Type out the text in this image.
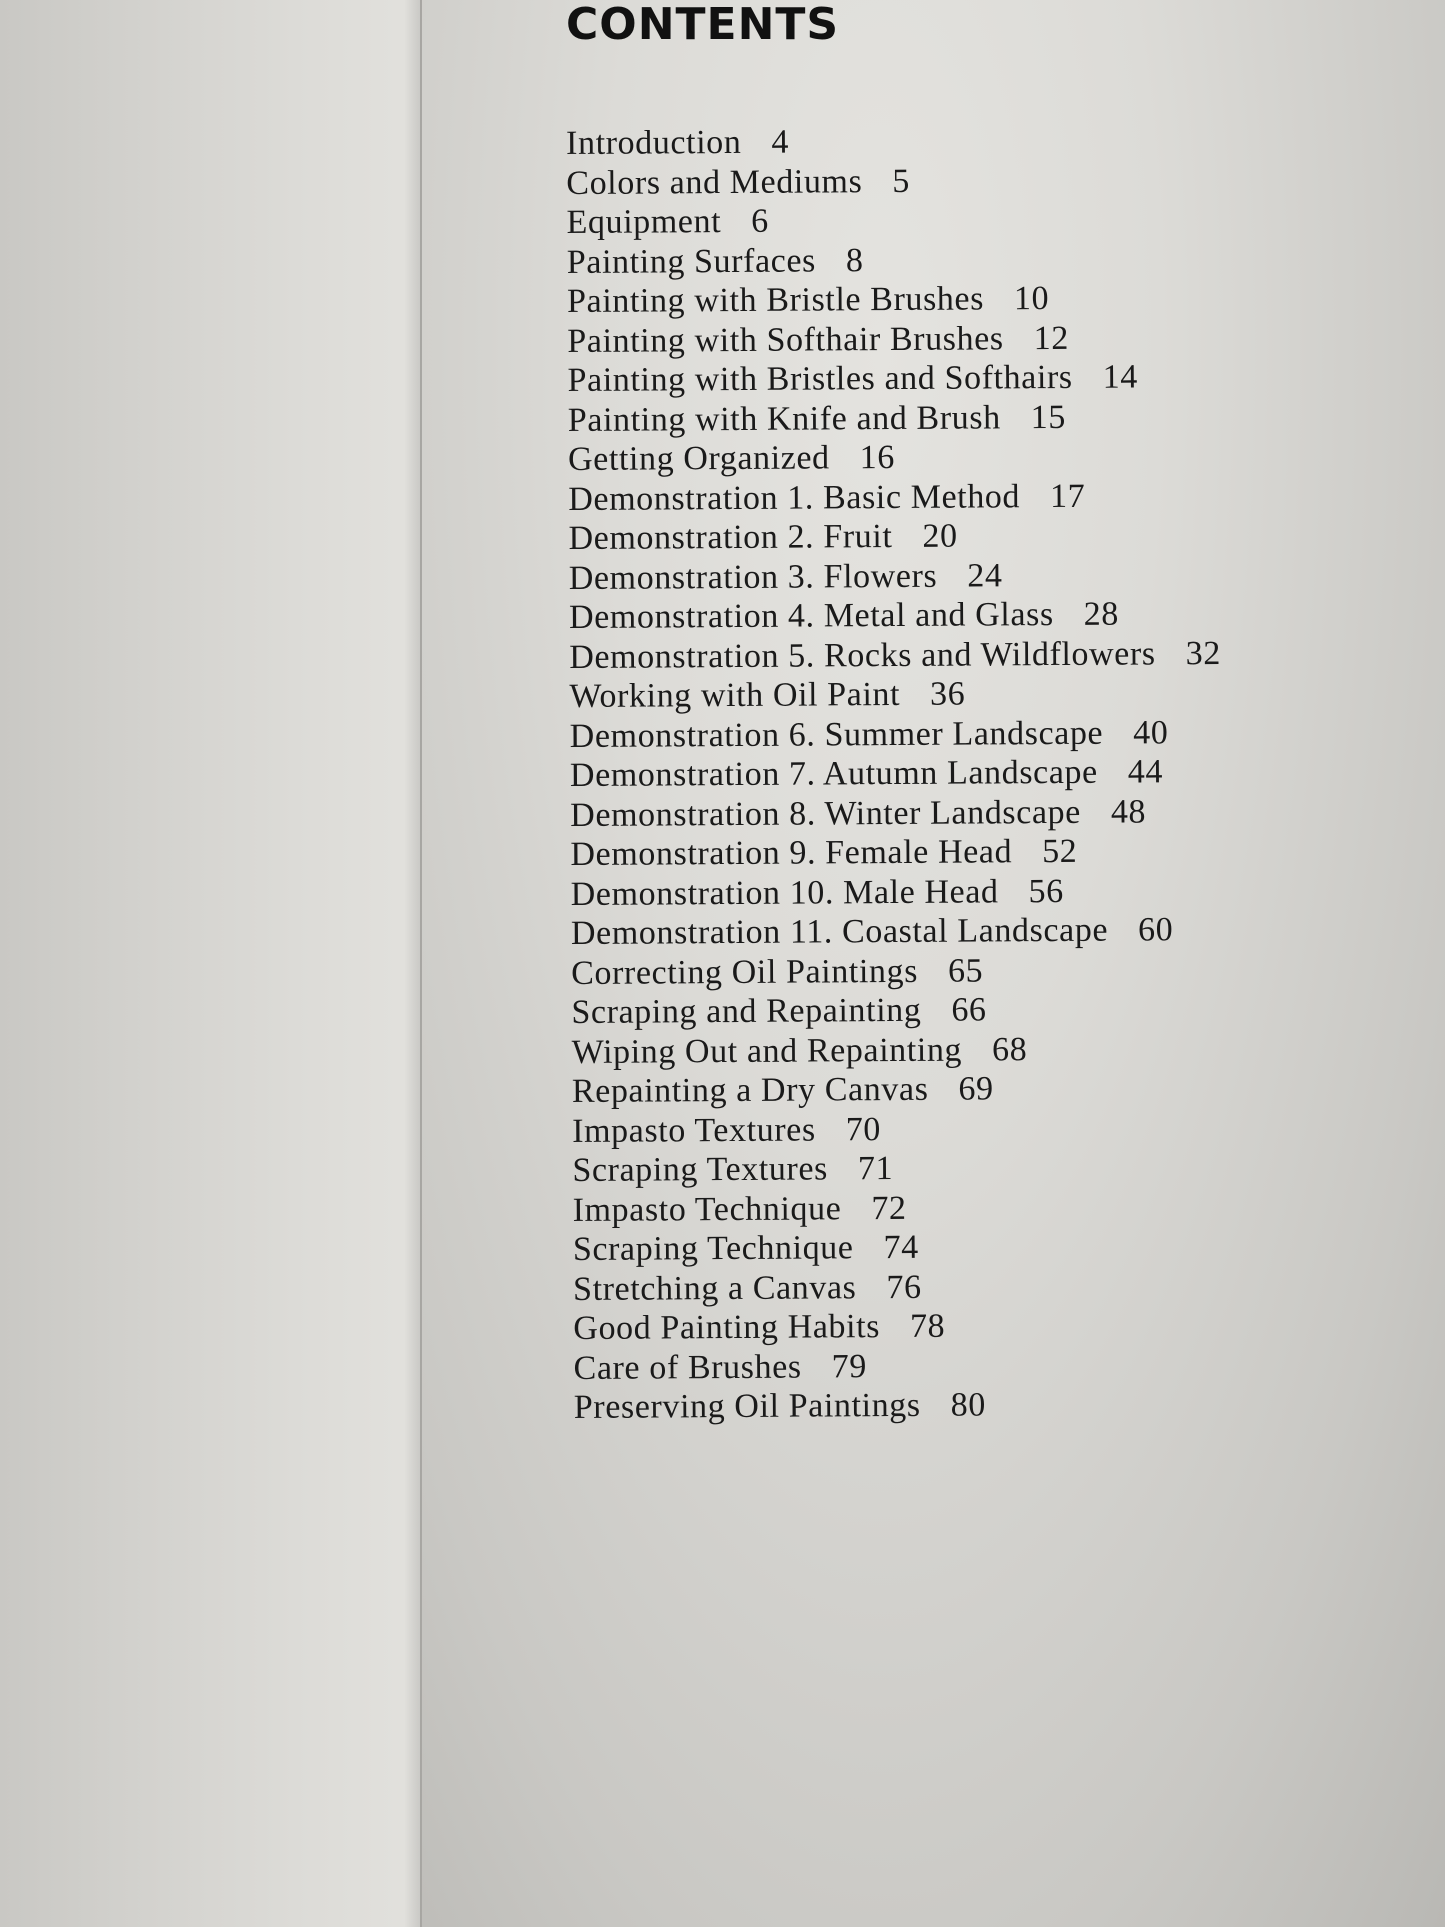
CONTENTS
Introduction 4
Colors and Mediums 5
Equipment 6
Painting Surfaces 8
Painting with Bristle Brushes 10
Painting with Softhair Brushes 12
Painting with Bristles and Softhairs 14
Painting with Knife and Brush 15
Getting Organized 16
Demonstration 1. Basic Method 17
Demonstration 2. Fruit 20
Demonstration 3. Flowers 24
Demonstration 4. Metal and Glass 28
Demonstration 5. Rocks and Wildflowers 32
Working with Oil Paint 36
Demonstration 6. Summer Landscape 40
Demonstration 7. Autumn Landscape 44
Demonstration 8. Winter Landscape 48
Demonstration 9. Female Head 52
Demonstration 10. Male Head 56
Demonstration 11. Coastal Landscape 60
Correcting Oil Paintings 65
Scraping and Repainting 66
Wiping Out and Repainting 68
Repainting a Dry Canvas 69
Impasto Textures 70
Scraping Textures 71
Impasto Technique 72
Scraping Technique 74
Stretching a Canvas 76
Good Painting Habits 78
Care of Brushes 79
Preserving Oil Paintings 80
